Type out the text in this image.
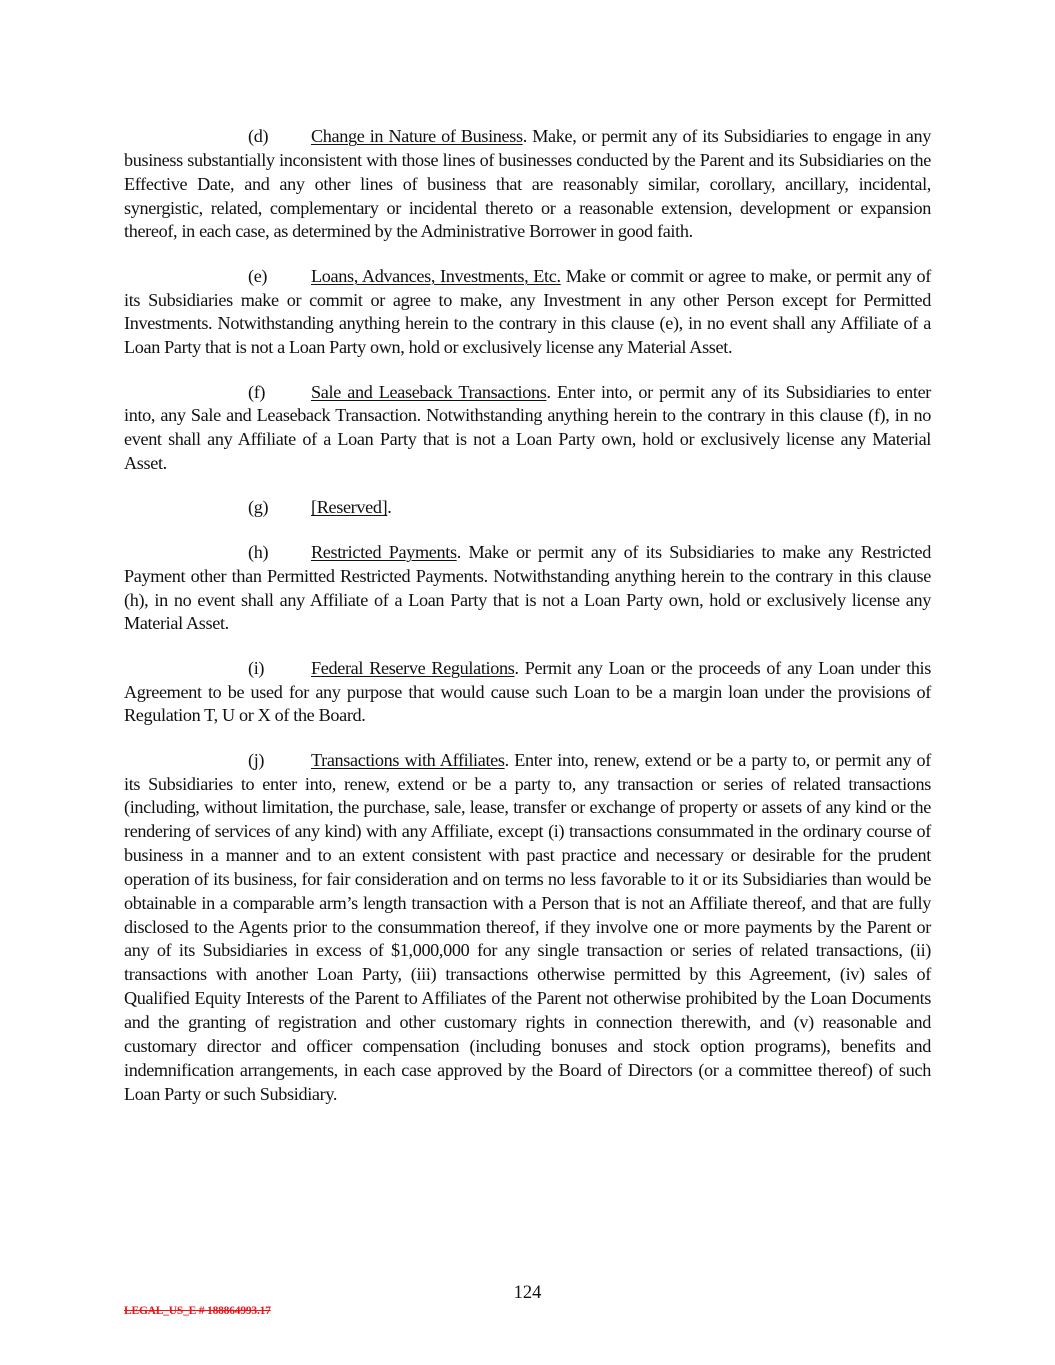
(d) Change in Nature of Business. Make, or permit any of its Subsidiaries to engage in any business substantially inconsistent with those lines of businesses conducted by the Parent and its Subsidiaries on the Effective Date, and any other lines of business that are reasonably similar, corollary, ancillary, incidental, synergistic, related, complementary or incidental thereto or a reasonable extension, development or expansion thereof, in each case, as determined by the Administrative Borrower in good faith.

(e) Loans, Advances, Investments, Etc. Make or commit or agree to make, or permit any of its Subsidiaries make or commit or agree to make, any Investment in any other Person except for Permitted Investments. Notwithstanding anything herein to the contrary in this clause (e), in no event shall any Affiliate of a Loan Party that is not a Loan Party own, hold or exclusively license any Material Asset.

(f)	Sale and Leaseback Transactions. Enter into, or permit any of its Subsidiaries to enter into, any Sale and Leaseback Transaction. Notwithstanding anything herein to the contrary in this clause (f), in no event shall any Affiliate of a Loan Party that is not a Loan Party own, hold or exclusively license any Material Asset.

(g) [Reserved].

(h) Restricted Payments. Make or permit any of its Subsidiaries to make any Restricted Payment other than Permitted Restricted Payments. Notwithstanding anything herein to the contrary in this clause (h), in no event shall any Affiliate of a Loan Party that is not a Loan Party own, hold or exclusively license any Material Asset.

(i)	Federal Reserve Regulations. Permit any Loan or the proceeds of any Loan under this Agreement to be used for any purpose that would cause such Loan to be a margin loan under the provisions of Regulation T, U or X of the Board.

(j)	Transactions with Affiliates. Enter into, renew, extend or be a party to, or permit any of its Subsidiaries to enter into, renew, extend or be a party to, any transaction or series of related transactions (including, without limitation, the purchase, sale, lease, transfer or exchange of property or assets of any kind or the rendering of services of any kind) with any Affiliate, except (i) transactions consummated in the ordinary course of business in a manner and to an extent consistent with past practice and necessary or desirable for the prudent operation of its business, for fair consideration and on terms no less favorable to it or its Subsidiaries than would be obtainable in a comparable arm’s length transaction with a Person that is not an Affiliate thereof, and that are fully disclosed to the Agents prior to the consummation thereof, if they involve one or more payments by the Parent or any of its Subsidiaries in excess of $1,000,000 for any single transaction or series of related transactions, (ii) transactions with another Loan Party, (iii) transactions otherwise permitted by this Agreement, (iv) sales of Qualified Equity Interests of the Parent to Affiliates of the Parent not otherwise prohibited by the Loan Documents and the granting of registration and other customary rights in connection therewith, and (v) reasonable and customary director and officer compensation (including bonuses and stock option programs), benefits and indemnification arrangements, in each case approved by the Board of Directors (or a committee thereof) of such Loan Party or such Subsidiary.

124
LEGAL_US_E # 188864993.17
